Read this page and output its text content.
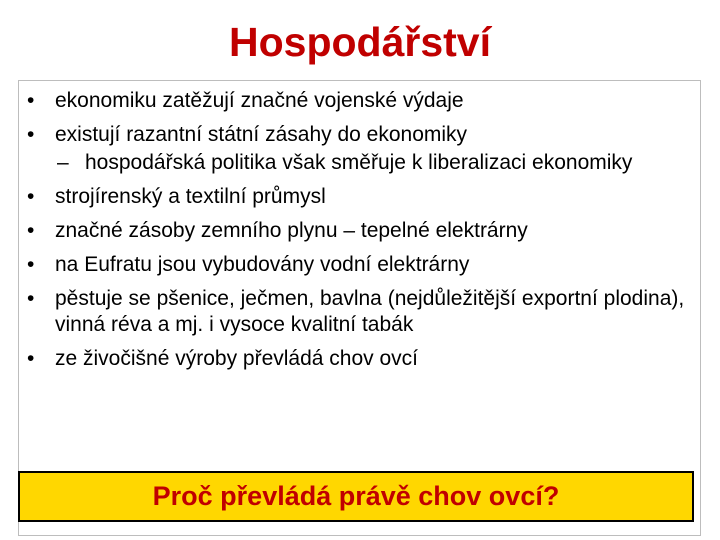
Hospodářství
• ekonomiku zatěžují značné vojenské výdaje
• existují razantní státní zásahy do ekonomiky
– hospodářská politika však směřuje k liberalizaci ekonomiky
• strojírenský a textilní průmysl
• značné zásoby zemního plynu – tepelné elektrárny
• na Eufratu jsou vybudovány vodní elektrárny
• pěstuje se pšenice, ječmen, bavlna (nejdůležitější exportní plodina), vinná réva a mj. i vysoce kvalitní tabák
• ze živočišné výroby převládá chov ovcí
Proč převládá právě chov ovcí?
